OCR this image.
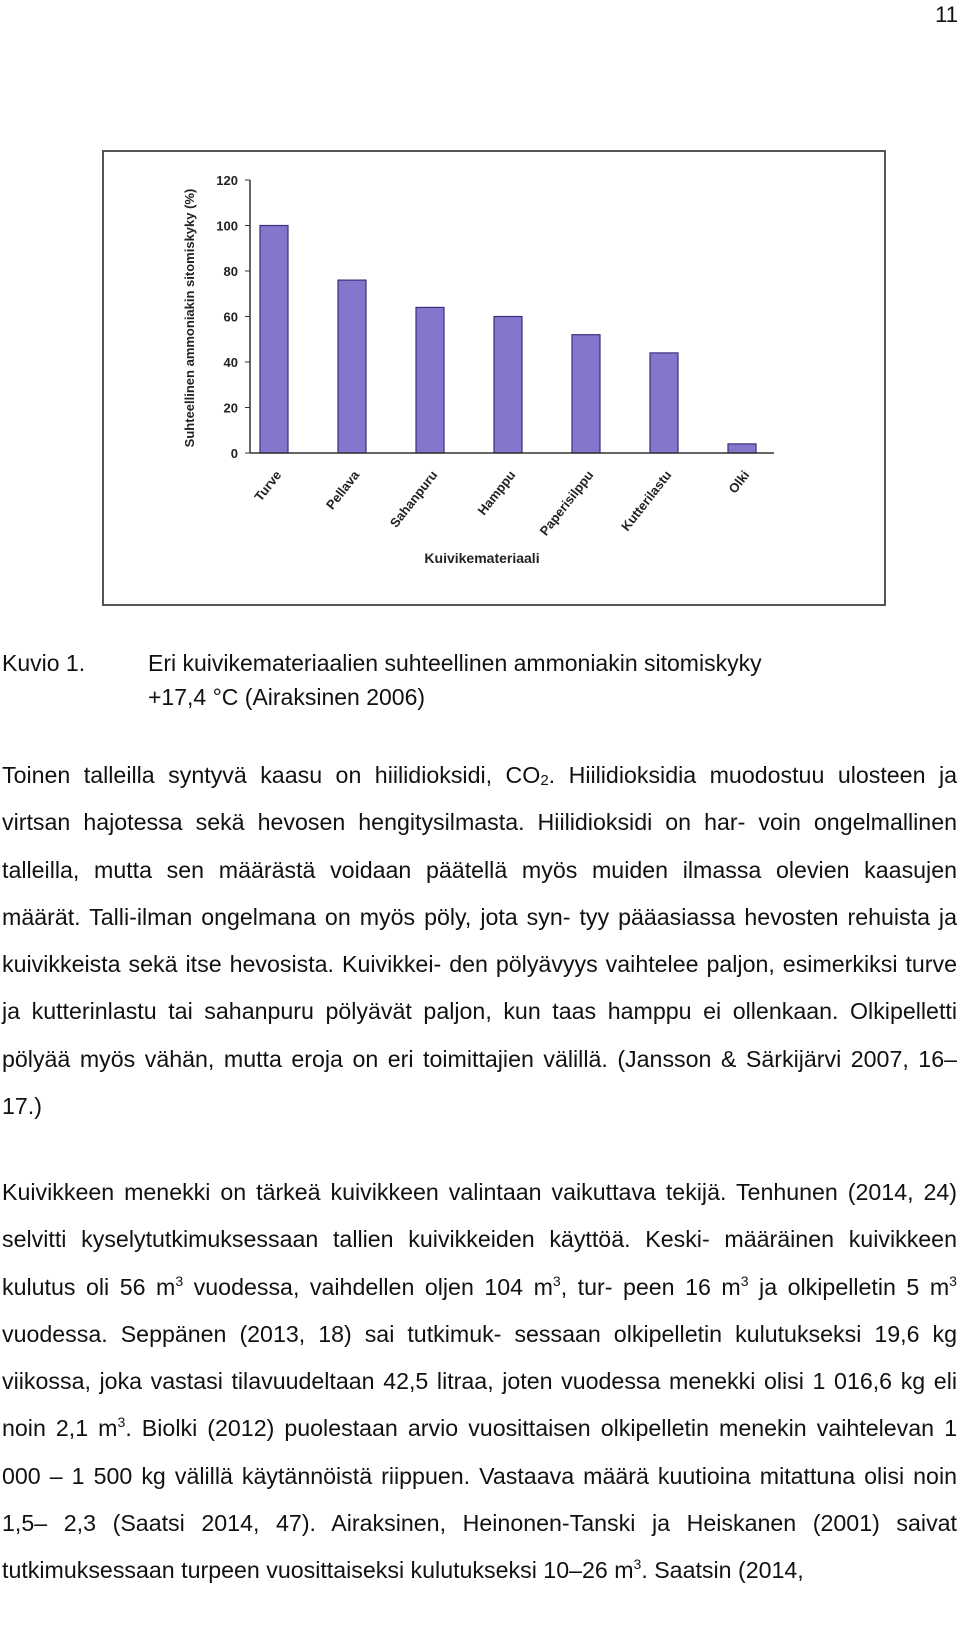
11
0
20
40
60
80
100
120
Turve	Pellava Sahanpuru	Hamppu Paperisilppu Kutterilastu	Olki
Suhteellinen ammoniakin sitomiskyky (%)
Kuivikemateriaali
Kuvio 1.	Eri kuivikemateriaalien suhteellinen ammoniakin sitomiskyky
+17,4 °C (Airaksinen 2006)
Toinen talleilla syntyvä kaasu on hiilidioksidi, $CO_2$. Hiilidioksidia muodostuu ulosteen ja virtsan hajotessa sekä hevosen hengitysilmasta. Hiilidioksidi on har- voin ongelmallinen talleilla, mutta sen määrästä voidaan päätellä myös muiden ilmassa olevien kaasujen määrät. Talli-ilman ongelmana on myös pöly, jota syn- tyy pääasiassa hevosten rehuista ja kuivikkeista sekä itse hevosista. Kuivikkei- den pölyävyys vaihtelee paljon, esimerkiksi turve ja kutterinlastu tai sahanpuru pölyävät paljon, kun taas hamppu ei ollenkaan. Olkipelletti pölyää myös vähän, mutta eroja on eri toimittajien välillä. (Jansson & Särkijärvi 2007, 16–17.)
Kuivikkeen menekki on tärkeä kuivikkeen valintaan vaikuttava tekijä. Tenhunen (2014, 24) selvitti kyselytutkimuksessaan tallien kuivikkeiden käyttöä. Keski- määräinen kuivikkeen kulutus oli 56 $m^3$ vuodessa, vaihdellen oljen 104 $m^3$, tur- peen 16 $m^3$ ja olkipelletin 5 $m^3$ vuodessa. Seppänen (2013, 18) sai tutkimuk- sessaan olkipelletin kulutukseksi 19,6 kg viikossa, joka vastasi tilavuudeltaan 42,5 litraa, joten vuodessa menekki olisi 1 016,6 kg eli noin 2,1 $m^3$. Biolki (2012) puolestaan arvio vuosittaisen olkipelletin menekin vaihtelevan 1 000 – 1 500 kg välillä käytännöistä riippuen. Vastaava määrä kuutioina mitattuna olisi noin 1,5– 2,3 (Saatsi 2014, 47). Airaksinen, Heinonen-Tanski ja Heiskanen (2001) saivat tutkimuksessaan turpeen vuosittaiseksi kulutukseksi 10–26 $m^3$. Saatsin (2014,
